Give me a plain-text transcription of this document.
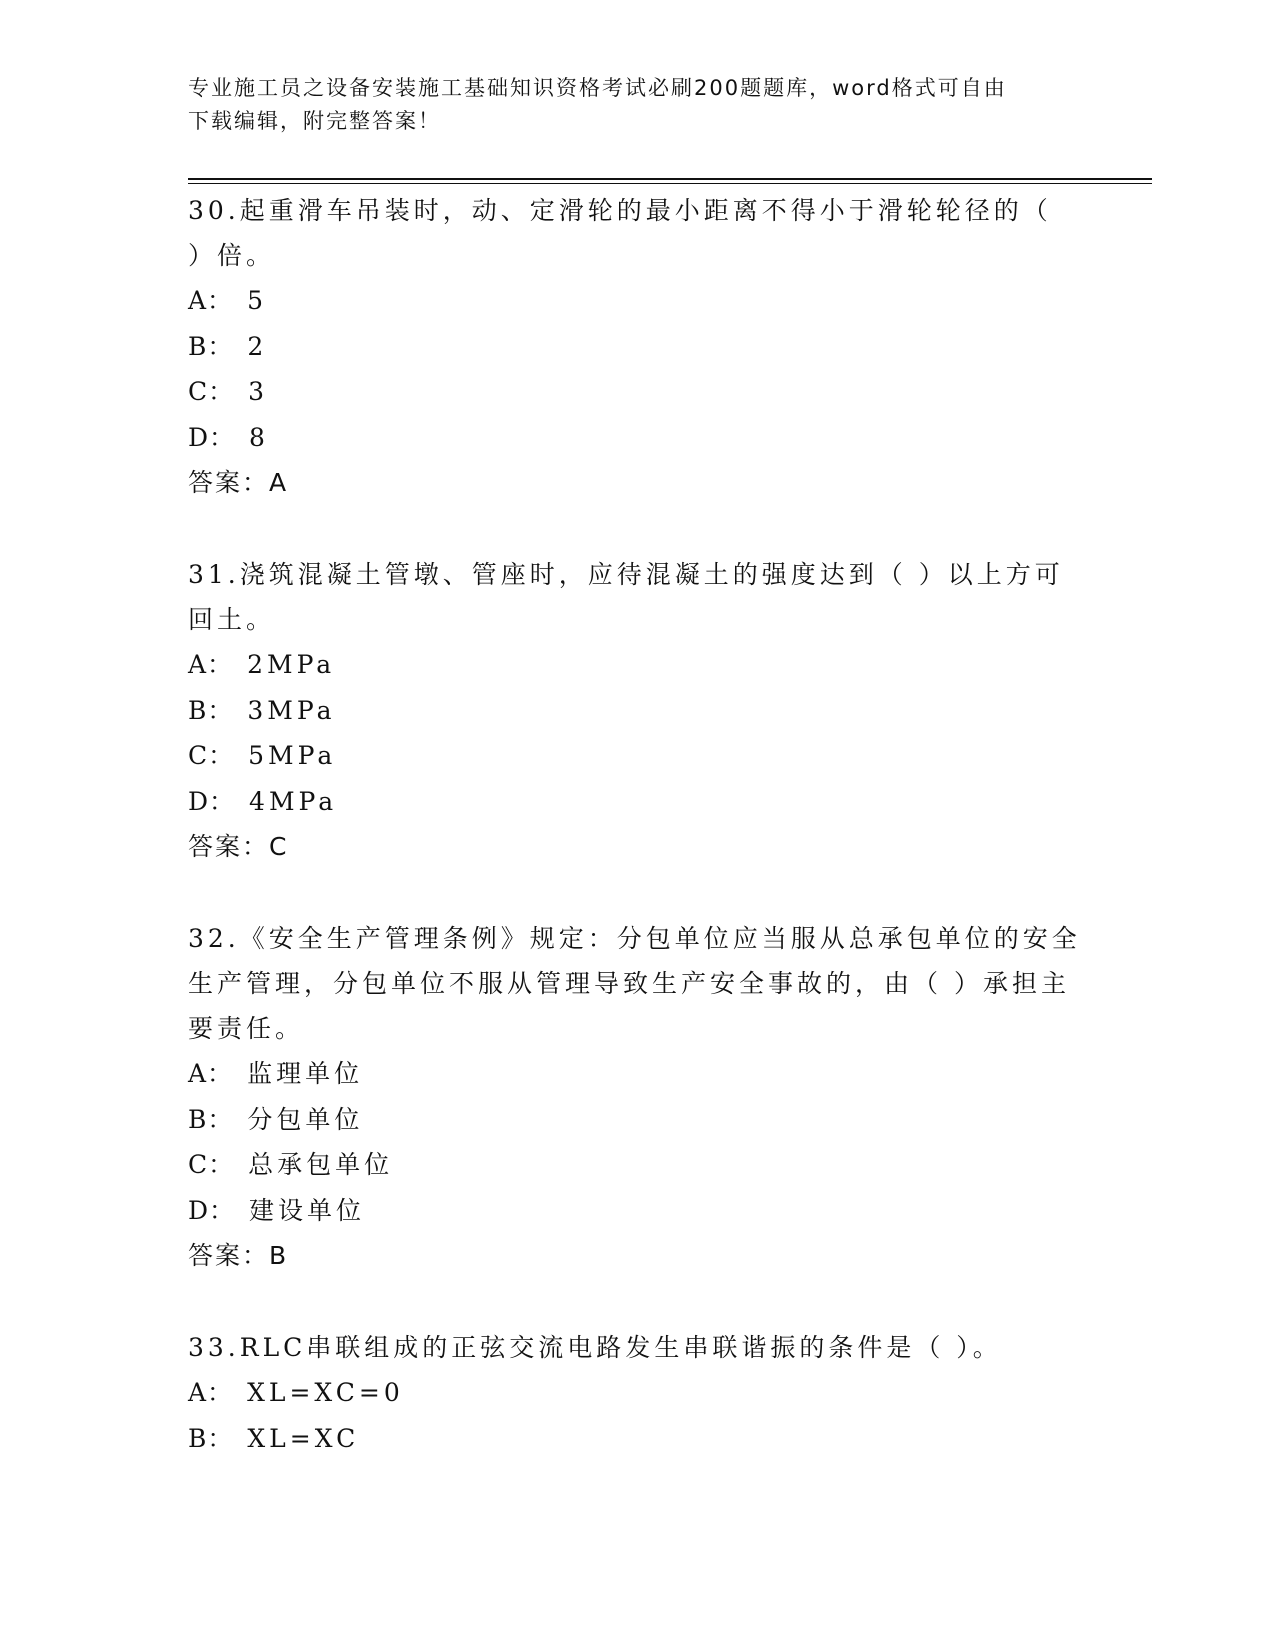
专业施工员之设备安装施工基础知识资格考试必刷200题题库，word格式可自由
下载编辑，附完整答案！
30.起重滑车吊装时，动、定滑轮的最小距离不得小于滑轮轮径的（
）倍。
A： 5
B： 2
C： 3
D： 8
答案：A
31.浇筑混凝土管墩、管座时，应待混凝土的强度达到（ ）以上方可
回土。
A： 2MPa
B： 3MPa
C： 5MPa
D： 4MPa
答案：C
32.《安全生产管理条例》规定：分包单位应当服从总承包单位的安全
生产管理，分包单位不服从管理导致生产安全事故的，由（ ）承担主
要责任。
A： 监理单位
B： 分包单位
C： 总承包单位
D： 建设单位
答案：B
33.RLC串联组成的正弦交流电路发生串联谐振的条件是（ ）。
A： XL=XC=0
B： XL=XC
